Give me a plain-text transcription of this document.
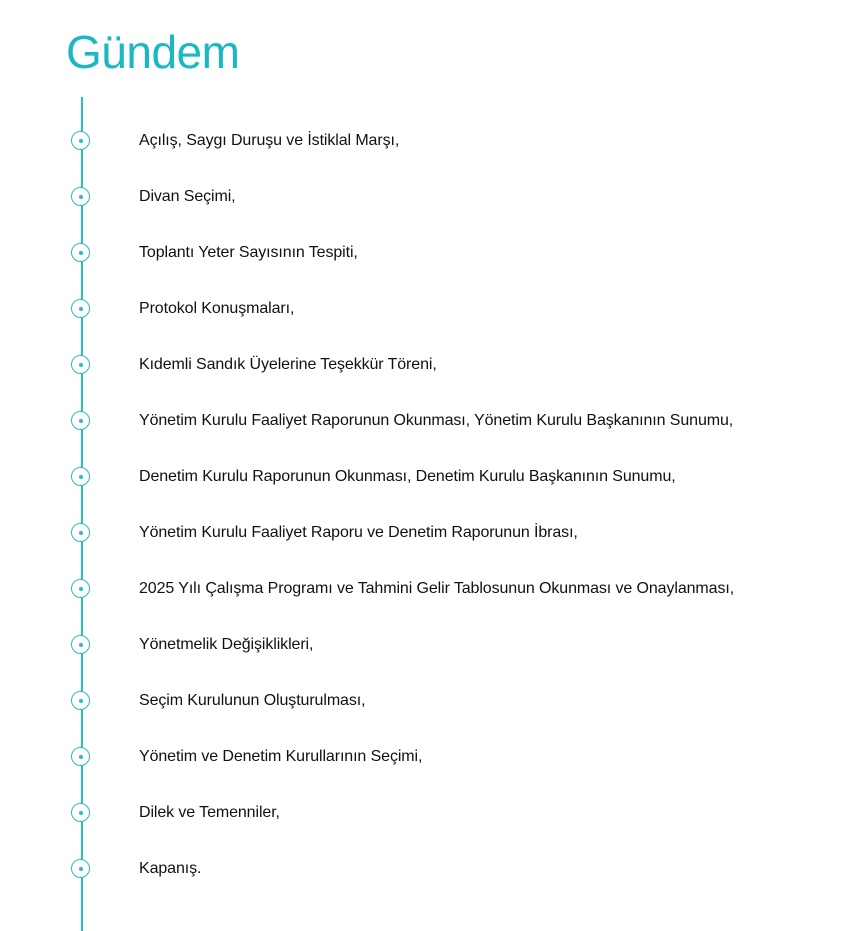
Gündem
Açılış, Saygı Duruşu ve İstiklal Marşı,
Divan Seçimi,
Toplantı Yeter Sayısının Tespiti,
Protokol Konuşmaları,
Kıdemli Sandık Üyelerine Teşekkür Töreni,
Yönetim Kurulu Faaliyet Raporunun Okunması, Yönetim Kurulu Başkanının Sunumu,
Denetim Kurulu Raporunun Okunması, Denetim Kurulu Başkanının Sunumu,
Yönetim Kurulu Faaliyet Raporu ve Denetim Raporunun İbrası,
2025 Yılı Çalışma Programı ve Tahmini Gelir Tablosunun Okunması ve Onaylanması,
Yönetmelik Değişiklikleri,
Seçim Kurulunun Oluşturulması,
Yönetim ve Denetim Kurullarının Seçimi,
Dilek ve Temenniler,
Kapanış.
